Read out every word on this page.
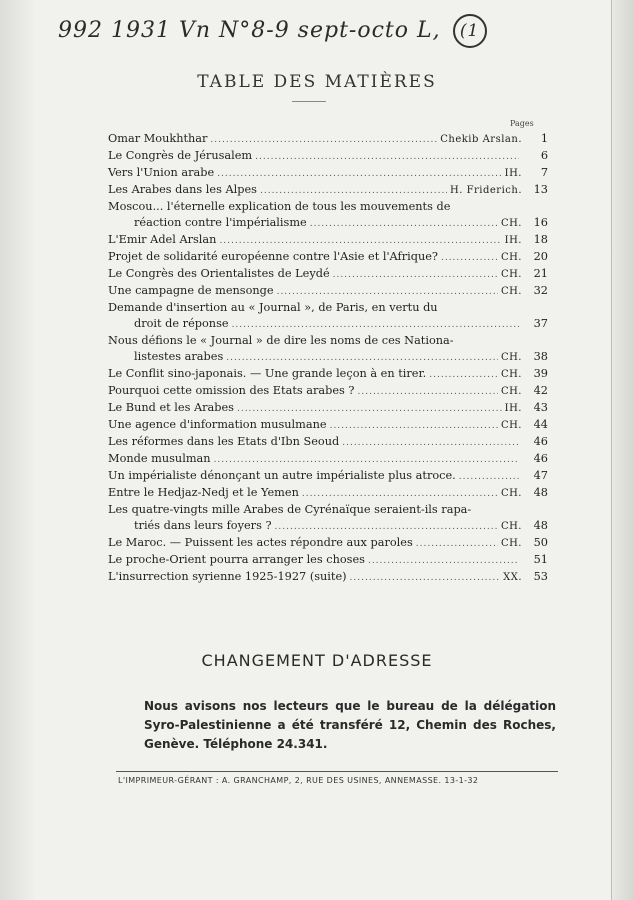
992 1931 Vn N°8-9 sept-octo L, (1
TABLE DES MATIÈRES
Pages
Omar Moukhthar .....	Chekib Arslan.	1
Le Congrès de Jérusalem .....	6
Vers l'Union arabe .....	IH.	7
Les Arabes dans les Alpes .....	H. Friderich.	13
Moscou... l'éternelle explication de tous les mouvements de
réaction contre l'impérialisme .....	CH.	16
L'Emir Adel Arslan .....	IH.	18
Projet de solidarité européenne contre l'Asie et l'Afrique? .....	CH.	20
Le Congrès des Orientalistes de Leydé .....	CH.	21
Une campagne de mensonge .....	CH.	32
Demande d'insertion au « Journal », de Paris, en vertu du
droit de réponse .....	37
Nous défions le « Journal » de dire les noms de ces Nationa-
listestes arabes .....	CH.	38
Le Conflit sino-japonais. — Une grande leçon à en tirer. .....	CH.	39
Pourquoi cette omission des Etats arabes ? .....	CH.	42
Le Bund et les Arabes .....	IH.	43
Une agence d'information musulmane .....	CH.	44
Les réformes dans les Etats d'Ibn Seoud .....	46
Monde musulman .....	46
Un impérialiste dénonçant un autre impérialiste plus atroce. .....	47
Entre le Hedjaz-Nedj et le Yemen .....	CH.	48
Les quatre-vingts mille Arabes de Cyrénaïque seraient-ils rapa-
triés dans leurs foyers ? .....	CH.	48
Le Maroc. — Puissent les actes répondre aux paroles .....	CH.	50
Le proche-Orient pourra arranger les choses .....	51
L'insurrection syrienne 1925-1927 (suite) .....	XX.	53
CHANGEMENT D'ADRESSE
Nous avisons nos lecteurs que le bureau de la délégation Syro-Palestinienne a été transféré 12, Chemin des Roches, Genève. Téléphone 24.341.
L'IMPRIMEUR-GÉRANT : A. GRANCHAMP, 2, RUE DES USINES, ANNEMASSE. 13-1-32
